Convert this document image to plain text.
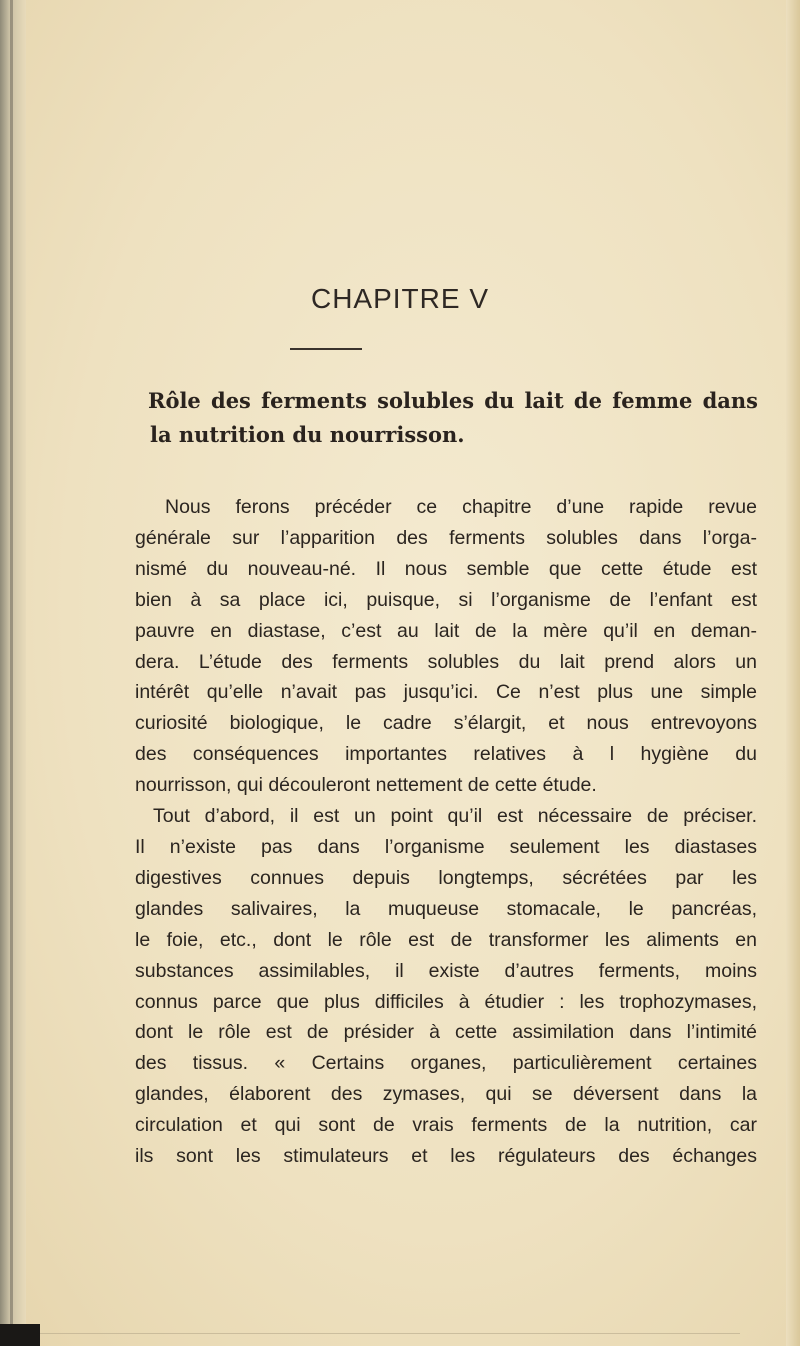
CHAPITRE V
Rôle des ferments solubles du lait de femme dans
la nutrition du nourrisson.
Nous ferons précéder ce chapitre d’une rapide revue
générale sur l’apparition des ferments solubles dans l’orga-
nismé du nouveau-né. Il nous semble que cette étude est
bien à sa place ici, puisque, si l’organisme de l’enfant est
pauvre en diastase, c’est au lait de la mère qu’il en deman-
dera. L’étude des ferments solubles du lait prend alors un
intérêt qu’elle n’avait pas jusqu’ici. Ce n’est plus une simple
curiosité biologique, le cadre s’élargit, et nous entrevoyons
des conséquences importantes relatives à l hygiène du
nourrisson, qui découleront nettement de cette étude.
Tout d’abord, il est un point qu’il est nécessaire de préciser.
Il n’existe pas dans l’organisme seulement les diastases
digestives connues depuis longtemps, sécrétées par les
glandes salivaires, la muqueuse stomacale, le pancréas,
le foie, etc., dont le rôle est de transformer les aliments en
substances assimilables, il existe d’autres ferments, moins
connus parce que plus difficiles à étudier : les trophozymases,
dont le rôle est de présider à cette assimilation dans l’intimité
des tissus. « Certains organes, particulièrement certaines
glandes, élaborent des zymases, qui se déversent dans la
circulation et qui sont de vrais ferments de la nutrition, car
ils sont les stimulateurs et les régulateurs des échanges
